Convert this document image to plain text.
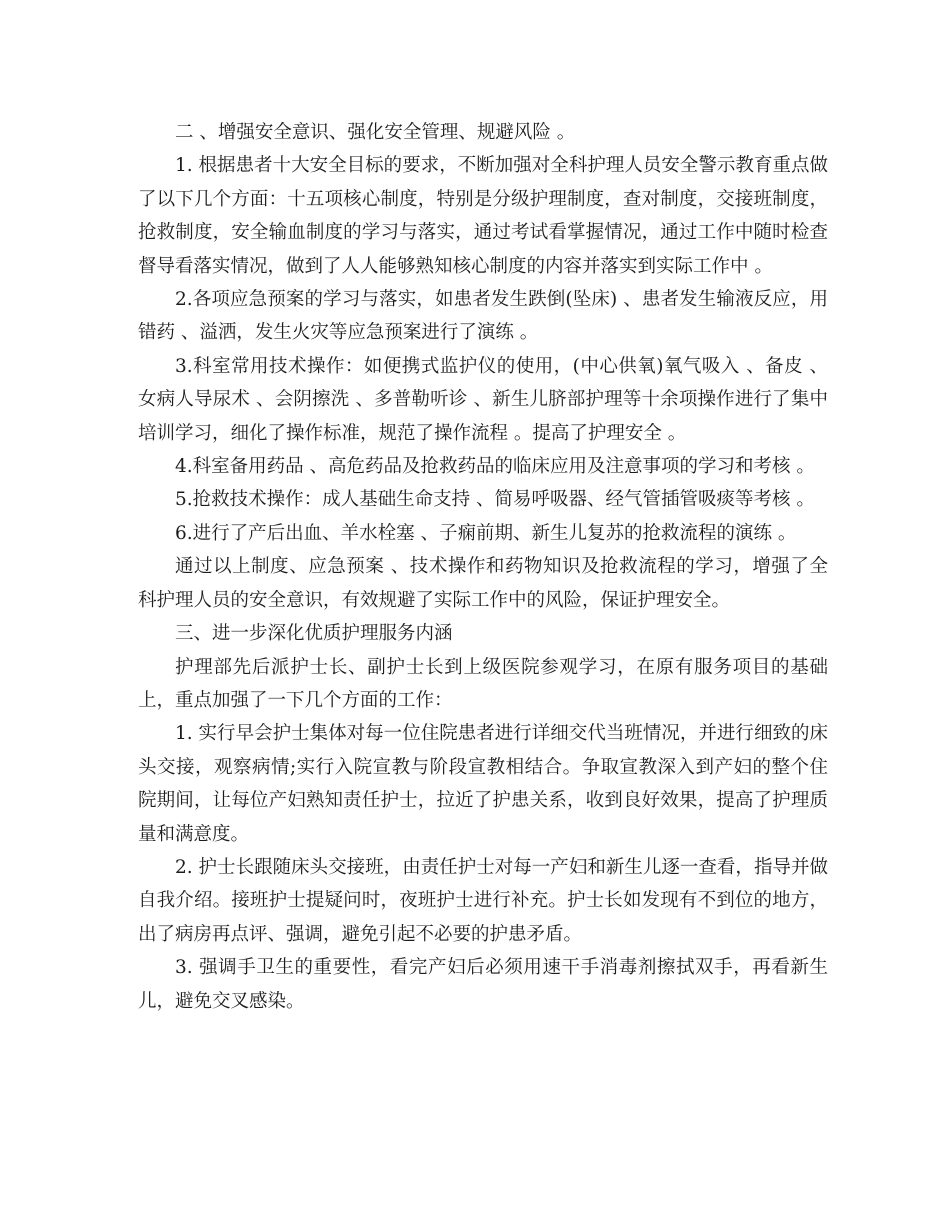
二 、增强安全意识、强化安全管理、规避风险 。

1. 根据患者十大安全目标的要求，不断加强对全科护理人员安全警示教育重点做了以下几个方面：十五项核心制度，特别是分级护理制度，查对制度，交接班制度，抢救制度，安全输血制度的学习与落实，通过考试看掌握情况，通过工作中随时检查督导看落实情况，做到了人人能够熟知核心制度的内容并落实到实际工作中 。

2.各项应急预案的学习与落实，如患者发生跌倒(坠床) 、患者发生输液反应，用错药 、溢洒，发生火灾等应急预案进行了演练 。

3.科室常用技术操作：如便携式监护仪的使用，(中心供氧)氧气吸入 、备皮 、女病人导尿术 、会阴擦洗 、多普勒听诊 、新生儿脐部护理等十余项操作进行了集中培训学习，细化了操作标准，规范了操作流程 。提高了护理安全 。

4.科室备用药品 、高危药品及抢救药品的临床应用及注意事项的学习和考核 。

5.抢救技术操作：成人基础生命支持 、简易呼吸器、经气管插管吸痰等考核 。

6.进行了产后出血、羊水栓塞 、子痫前期、新生儿复苏的抢救流程的演练 。

通过以上制度、应急预案 、技术操作和药物知识及抢救流程的学习，增强了全科护理人员的安全意识，有效规避了实际工作中的风险，保证护理安全。

三、进一步深化优质护理服务内涵

护理部先后派护士长、副护士长到上级医院参观学习，在原有服务项目的基础上，重点加强了一下几个方面的工作：

1. 实行早会护士集体对每一位住院患者进行详细交代当班情况，并进行细致的床头交接，观察病情;实行入院宣教与阶段宣教相结合。争取宣教深入到产妇的整个住院期间，让每位产妇熟知责任护士，拉近了护患关系，收到良好效果，提高了护理质量和满意度。

2. 护士长跟随床头交接班，由责任护士对每一产妇和新生儿逐一查看，指导并做自我介绍。接班护士提疑问时，夜班护士进行补充。护士长如发现有不到位的地方，出了病房再点评、强调，避免引起不必要的护患矛盾。

3. 强调手卫生的重要性，看完产妇后必须用速干手消毒剂擦拭双手，再看新生儿，避免交叉感染。
